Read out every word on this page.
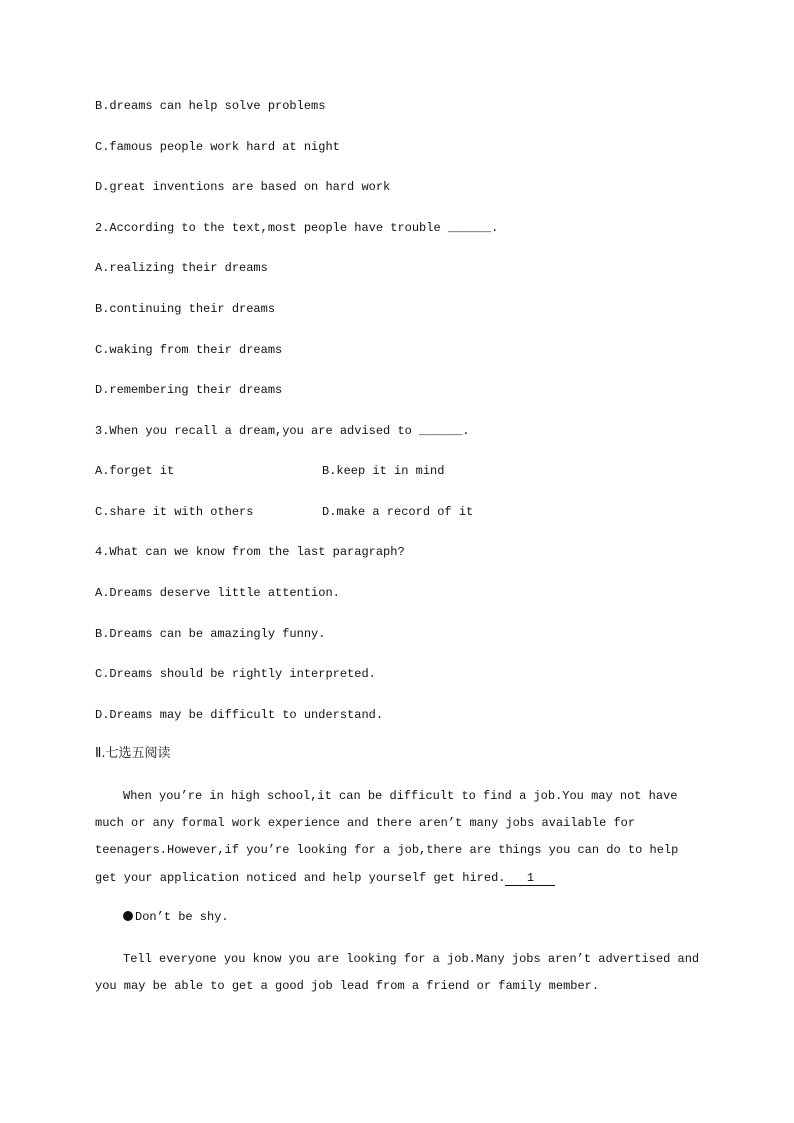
B.dreams can help solve problems
C.famous people work hard at night
D.great inventions are based on hard work
2.According to the text,most people have trouble ______.
A.realizing their dreams
B.continuing their dreams
C.waking from their dreams
D.remembering their dreams
3.When you recall a dream,you are advised to ______.
A.forget it	B.keep it in mind
C.share it with others	D.make a record of it
4.What can we know from the last paragraph?
A.Dreams deserve little attention.
B.Dreams can be amazingly funny.
C.Dreams should be rightly interpreted.
D.Dreams may be difficult to understand.
Ⅱ.七选五阅读
When you’re in high school,it can be difficult to find a job.You may not have
much or any formal work experience and there aren’t many jobs available for
teenagers.However,if you’re looking for a job,there are things you can do to help
get your application noticed and help yourself get hired. 1
Don’t be shy.
Tell everyone you know you are looking for a job.Many jobs aren’t advertised and
you may be able to get a good job lead from a friend or family member.
